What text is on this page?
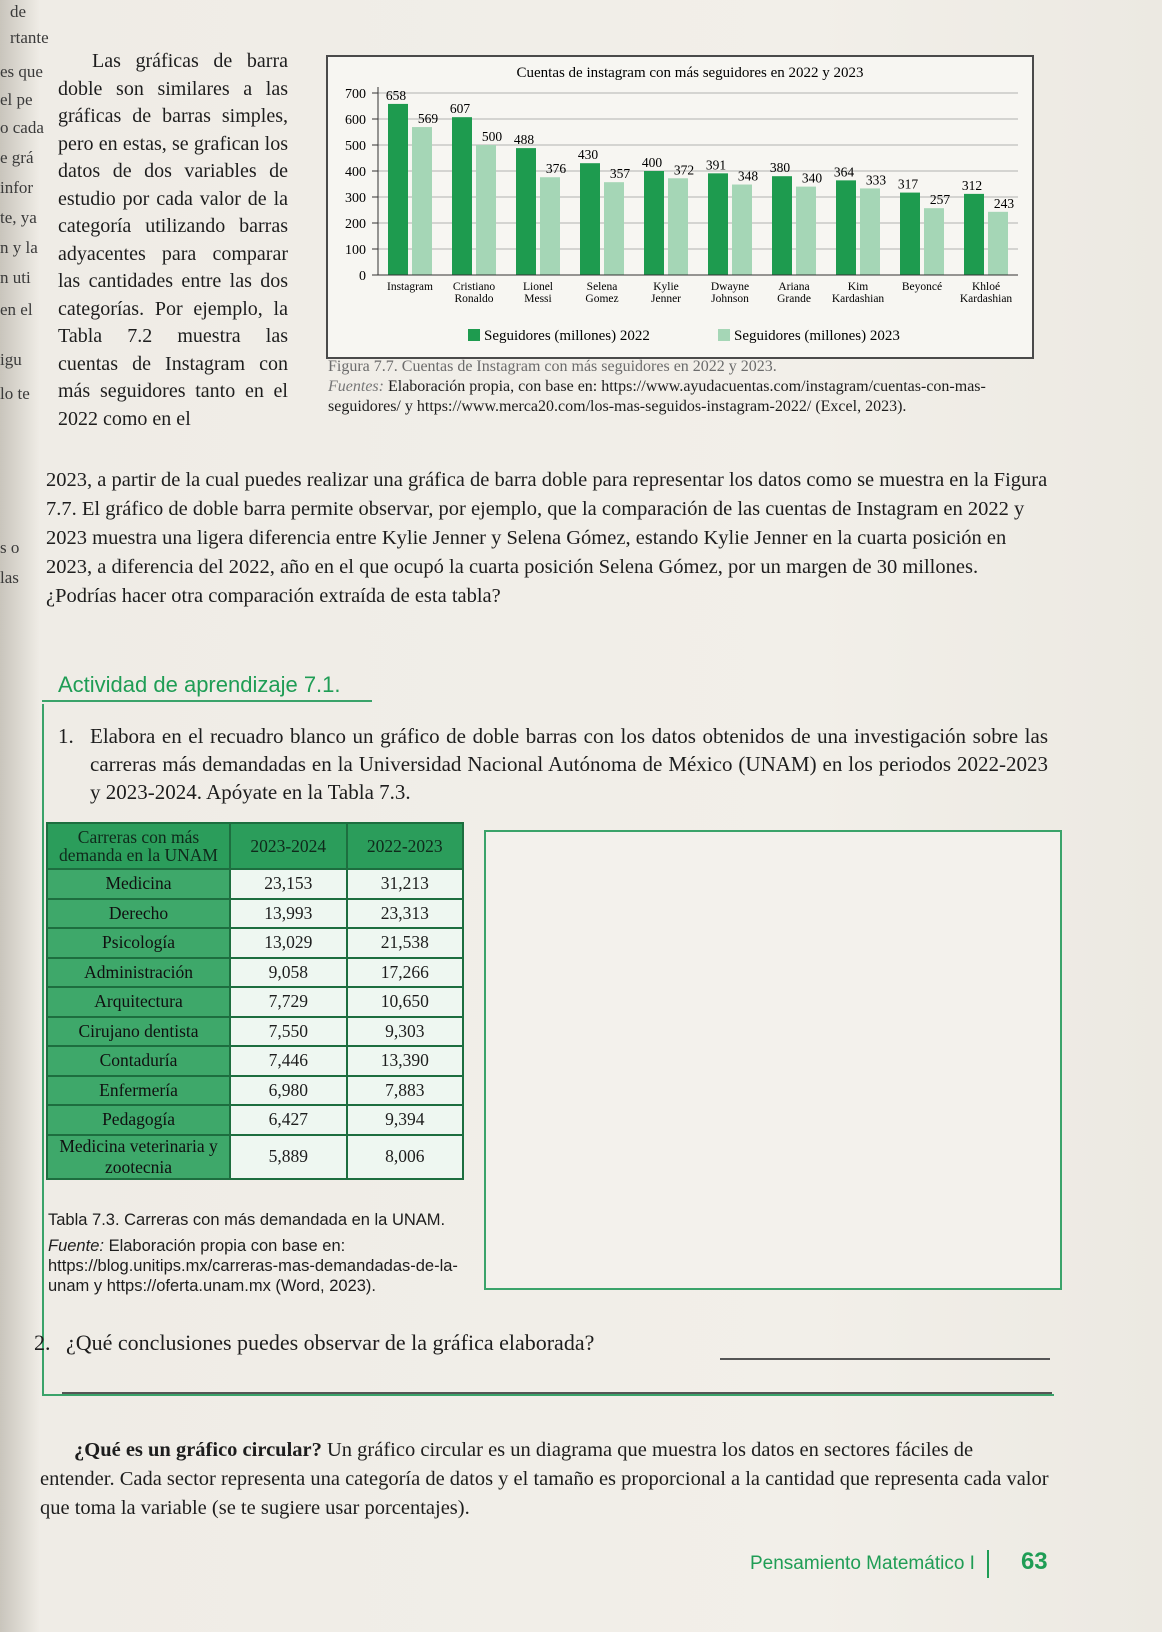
de
rtante
es que
el pe
o cada
e grá
infor
te, ya
n y la
n uti
en el
igu
lo te
s o
las

Las gráficas de barra doble son similares a las gráficas de barras simples, pero en estas, se grafican los datos de dos variables de estudio por cada valor de la categoría utilizando barras adyacentes para comparar las cantidades entre las dos categorías. Por ejemplo, la Tabla 7.2 muestra las cuentas de Instagram con más seguidores tanto en el 2022 como en el

Cuentas de instagram con más seguidores en 2022 y 2023
0
100
200
300
400
500
600
700 658
569
Instagram
607
500
Cristiano Ronaldo
488
376
Lionel Messi
430
357
Selena Gomez
400 372
Kylie Jenner
391
348
Dwayne Johnson
380
340
Ariana Grande
364
333
Kim Kardashian
317
257
Beyoncé
312
243
Khloé Kardashian
Seguidores (millones) 2022	Seguidores (millones) 2023
Figura 7.7. Cuentas de Instagram con más seguidores en 2022 y 2023.
Fuentes: Elaboración propia, con base en: https://www.ayudacuentas.com/instagram/cuentas-con-mas-seguidores/ y https://www.merca20.com/los-mas-seguidos-instagram-2022/ (Excel, 2023).

2023, a partir de la cual puedes realizar una gráfica de barra doble para representar los datos como se muestra en la Figura 7.7. El gráfico de doble barra permite observar, por ejemplo, que la comparación de las cuentas de Instagram en 2022 y 2023 muestra una ligera diferencia entre Kylie Jenner y Selena Gómez, estando Kylie Jenner en la cuarta posición en 2023, a diferencia del 2022, año en el que ocupó la cuarta posición Selena Gómez, por un margen de 30 millones. ¿Podrías hacer otra comparación extraída de esta tabla?

Actividad de aprendizaje 7.1.
1. Elabora en el recuadro blanco un gráfico de doble barras con los datos obtenidos de una investigación sobre las carreras más demandadas en la Universidad Nacional Autónoma de México (UNAM) en los periodos 2022-2023 y 2023-2024. Apóyate en la Tabla 7.3.
Carreras con más demanda en la UNAM	2023-2024	2022-2023
Medicina	23,153	31,213
Derecho	13,993	23,313
Psicología	13,029	21,538
Administración	9,058	17,266
Arquitectura	7,729	10,650
Cirujano dentista	7,550	9,303
Contaduría	7,446	13,390
Enfermería	6,980	7,883
Pedagogía	6,427	9,394
Medicina veterinaria y zootecnia	5,889	8,006
Tabla 7.3. Carreras con más demandada en la UNAM.
Fuente: Elaboración propia con base en: https://blog.unitips.mx/carreras-mas-demandadas-de-la-unam y https://oferta.unam.mx (Word, 2023).
2. ¿Qué conclusiones puedes observar de la gráfica elaborada?
¿Qué es un gráfico circular? Un gráfico circular es un diagrama que muestra los datos en sectores fáciles de entender. Cada sector representa una categoría de datos y el tamaño es proporcional a la cantidad que representa cada valor que toma la variable (se te sugiere usar porcentajes).
Pensamiento Matemático I 63
